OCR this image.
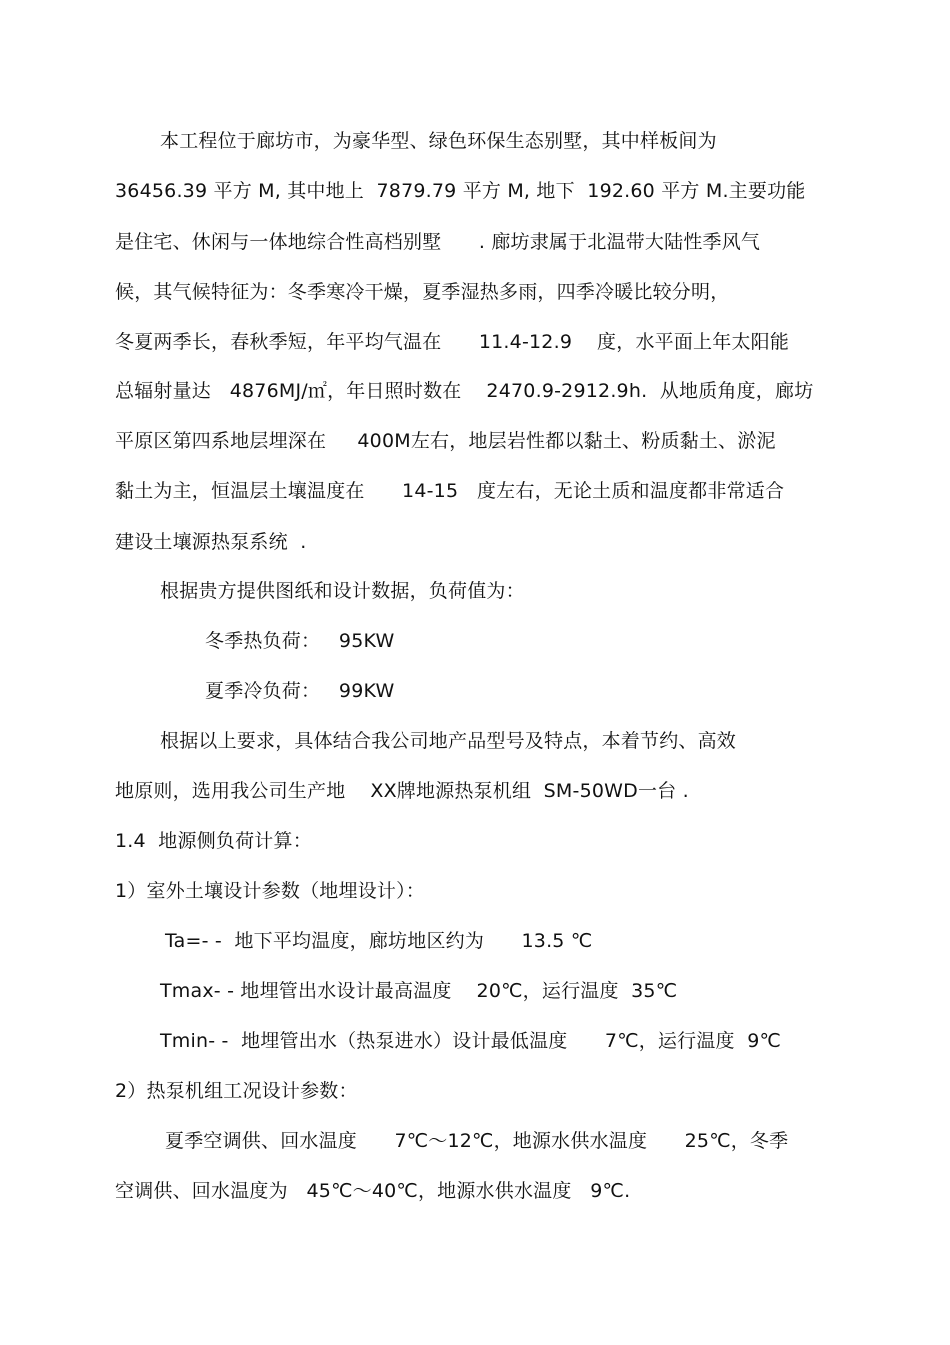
本工程位于廊坊市，为豪华型、绿色环保生态别墅，其中样板间为
36456.39 平方 M, 其中地上  7879.79 平方 M, 地下  192.60 平方 M.主要功能
是住宅、休闲与一体地综合性高档别墅      . 廊坊隶属于北温带大陆性季风气
候，其气候特征为：冬季寒冷干燥，夏季湿热多雨，四季冷暖比较分明，
冬夏两季长，春秋季短，年平均气温在      11.4-12.9    度，水平面上年太阳能
总辐射量达   4876MJ/㎡，年日照时数在    2470.9-2912.9h.  从地质角度，廊坊
平原区第四系地层埋深在     400M左右，地层岩性都以黏土、粉质黏土、淤泥
黏土为主，恒温层土壤温度在      14-15   度左右，无论土质和温度都非常适合
建设土壤源热泵系统  .
根据贵方提供图纸和设计数据，负荷值为：
冬季热负荷：   95KW
夏季冷负荷：   99KW
根据以上要求，具体结合我公司地产品型号及特点，本着节约、高效
地原则，选用我公司生产地    XX牌地源热泵机组  SM-50WD一台 .
1.4  地源侧负荷计算：
1）室外土壤设计参数（地埋设计）：
Ta=- -  地下平均温度，廊坊地区约为      13.5 ℃
Tmax- - 地埋管出水设计最高温度    20℃，运行温度  35℃
Tmin- -  地埋管出水（热泵进水）设计最低温度      7℃，运行温度  9℃
2）热泵机组工况设计参数：
夏季空调供、回水温度      7℃～12℃，地源水供水温度      25℃，冬季
空调供、回水温度为   45℃～40℃，地源水供水温度   9℃.
